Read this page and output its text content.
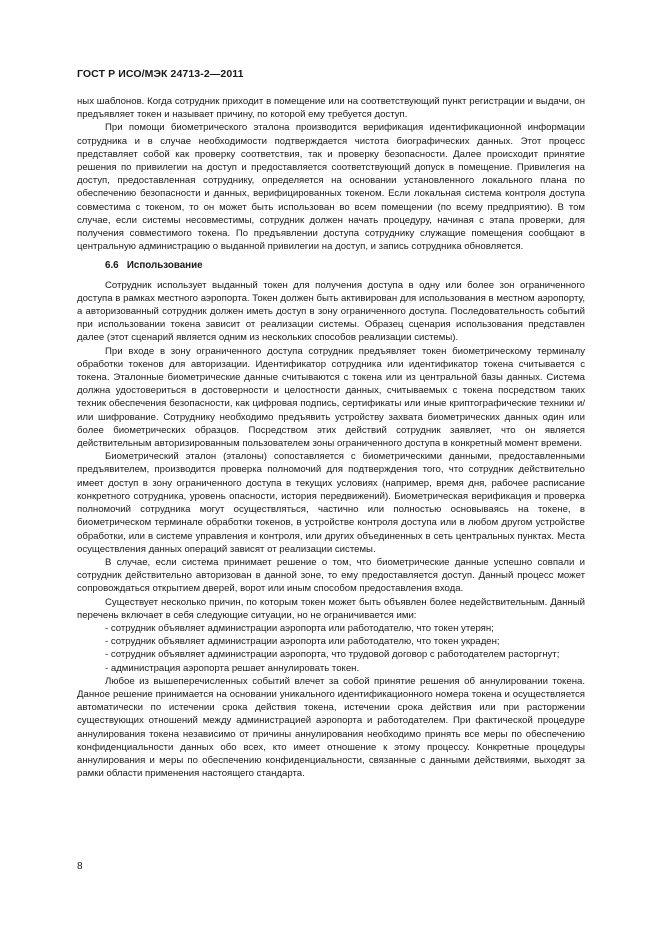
ГОСТ Р ИСО/МЭК 24713-2—2011

ных шаблонов. Когда сотрудник приходит в помещение или на соответствующий пункт регистрации и выдачи, он предъявляет токен и называет причину, по которой ему требуется доступ.

При помощи биометрического эталона производится верификация идентификационной информации сотрудника и в случае необходимости подтверждается чистота биографических данных. Этот процесс представляет собой как проверку соответствия, так и проверку безопасности. Далее происходит принятие решения по привилегии на доступ и предоставляется соответствующий допуск в помещение. Привилегия на доступ, предоставленная сотруднику, определяется на основании установленного локального плана по обеспечению безопасности и данных, верифицированных токеном. Если локальная система контроля доступа совместима с токеном, то он может быть использован во всем помещении (по всему предприятию). В том случае, если системы несовместимы, сотрудник должен начать процедуру, начиная с этапа проверки, для получения совместимого токена. По предъявлении доступа сотруднику служащие помещения сообщают в центральную администрацию о выданной привилегии на доступ, и запись сотрудника обновляется.

6.6 Использование

Сотрудник использует выданный токен для получения доступа в одну или более зон ограниченного доступа в рамках местного аэропорта. Токен должен быть активирован для использования в местном аэропорту, а авторизованный сотрудник должен иметь доступ в зону ограниченного доступа. Последовательность событий при использовании токена зависит от реализации системы. Образец сценария использования представлен далее (этот сценарий является одним из нескольких способов реализации системы).

При входе в зону ограниченного доступа сотрудник предъявляет токен биометрическому терминалу обработки токенов для авторизации. Идентификатор сотрудника или идентификатор токена считывается с токена. Эталонные биометрические данные считываются с токена или из центральной базы данных. Система должна удостовериться в достоверности и целостности данных, считываемых с токена посредством таких техник обеспечения безопасности, как цифровая подпись, сертификаты или иные криптографические техники и/или шифрование. Сотруднику необходимо предъявить устройству захвата биометрических данных один или более биометрических образцов. Посредством этих действий сотрудник заявляет, что он является действительным авторизированным пользователем зоны ограниченного доступа в конкретный момент времени.

Биометрический эталон (эталоны) сопоставляется с биометрическими данными, предоставленными предъявителем, производится проверка полномочий для подтверждения того, что сотрудник действительно имеет доступ в зону ограниченного доступа в текущих условиях (например, время дня, рабочее расписание конкретного сотрудника, уровень опасности, история передвижений). Биометрическая верификация и проверка полномочий сотрудника могут осуществляться, частично или полностью основываясь на токене, в биометрическом терминале обработки токенов, в устройстве контроля доступа или в любом другом устройстве обработки, или в системе управления и контроля, или других объединенных в сеть центральных пунктах. Места осуществления данных операций зависят от реализации системы.

В случае, если система принимает решение о том, что биометрические данные успешно совпали и сотрудник действительно авторизован в данной зоне, то ему предоставляется доступ. Данный процесс может сопровождаться открытием дверей, ворот или иным способом предоставления входа.

Существует несколько причин, по которым токен может быть объявлен более недействительным. Данный перечень включает в себя следующие ситуации, но не ограничивается ими:

- сотрудник объявляет администрации аэропорта или работодателю, что токен утерян;

- сотрудник объявляет администрации аэропорта или работодателю, что токен украден;

- сотрудник объявляет администрации аэропорта, что трудовой договор с работодателем расторгнут;

- администрация аэропорта решает аннулировать токен.

Любое из вышеперечисленных событий влечет за собой принятие решения об аннулировании токена. Данное решение принимается на основании уникального идентификационного номера токена и осуществляется автоматически по истечении срока действия токена, истечении срока действия или при расторжении существующих отношений между администрацией аэропорта и работодателем. При фактической процедуре аннулирования токена независимо от причины аннулирования необходимо принять все меры по обеспечению конфиденциальности данных обо всех, кто имеет отношение к этому процессу. Конкретные процедуры аннулирования и меры по обеспечению конфиденциальности, связанные с данными действиями, выходят за рамки области применения настоящего стандарта.

8
